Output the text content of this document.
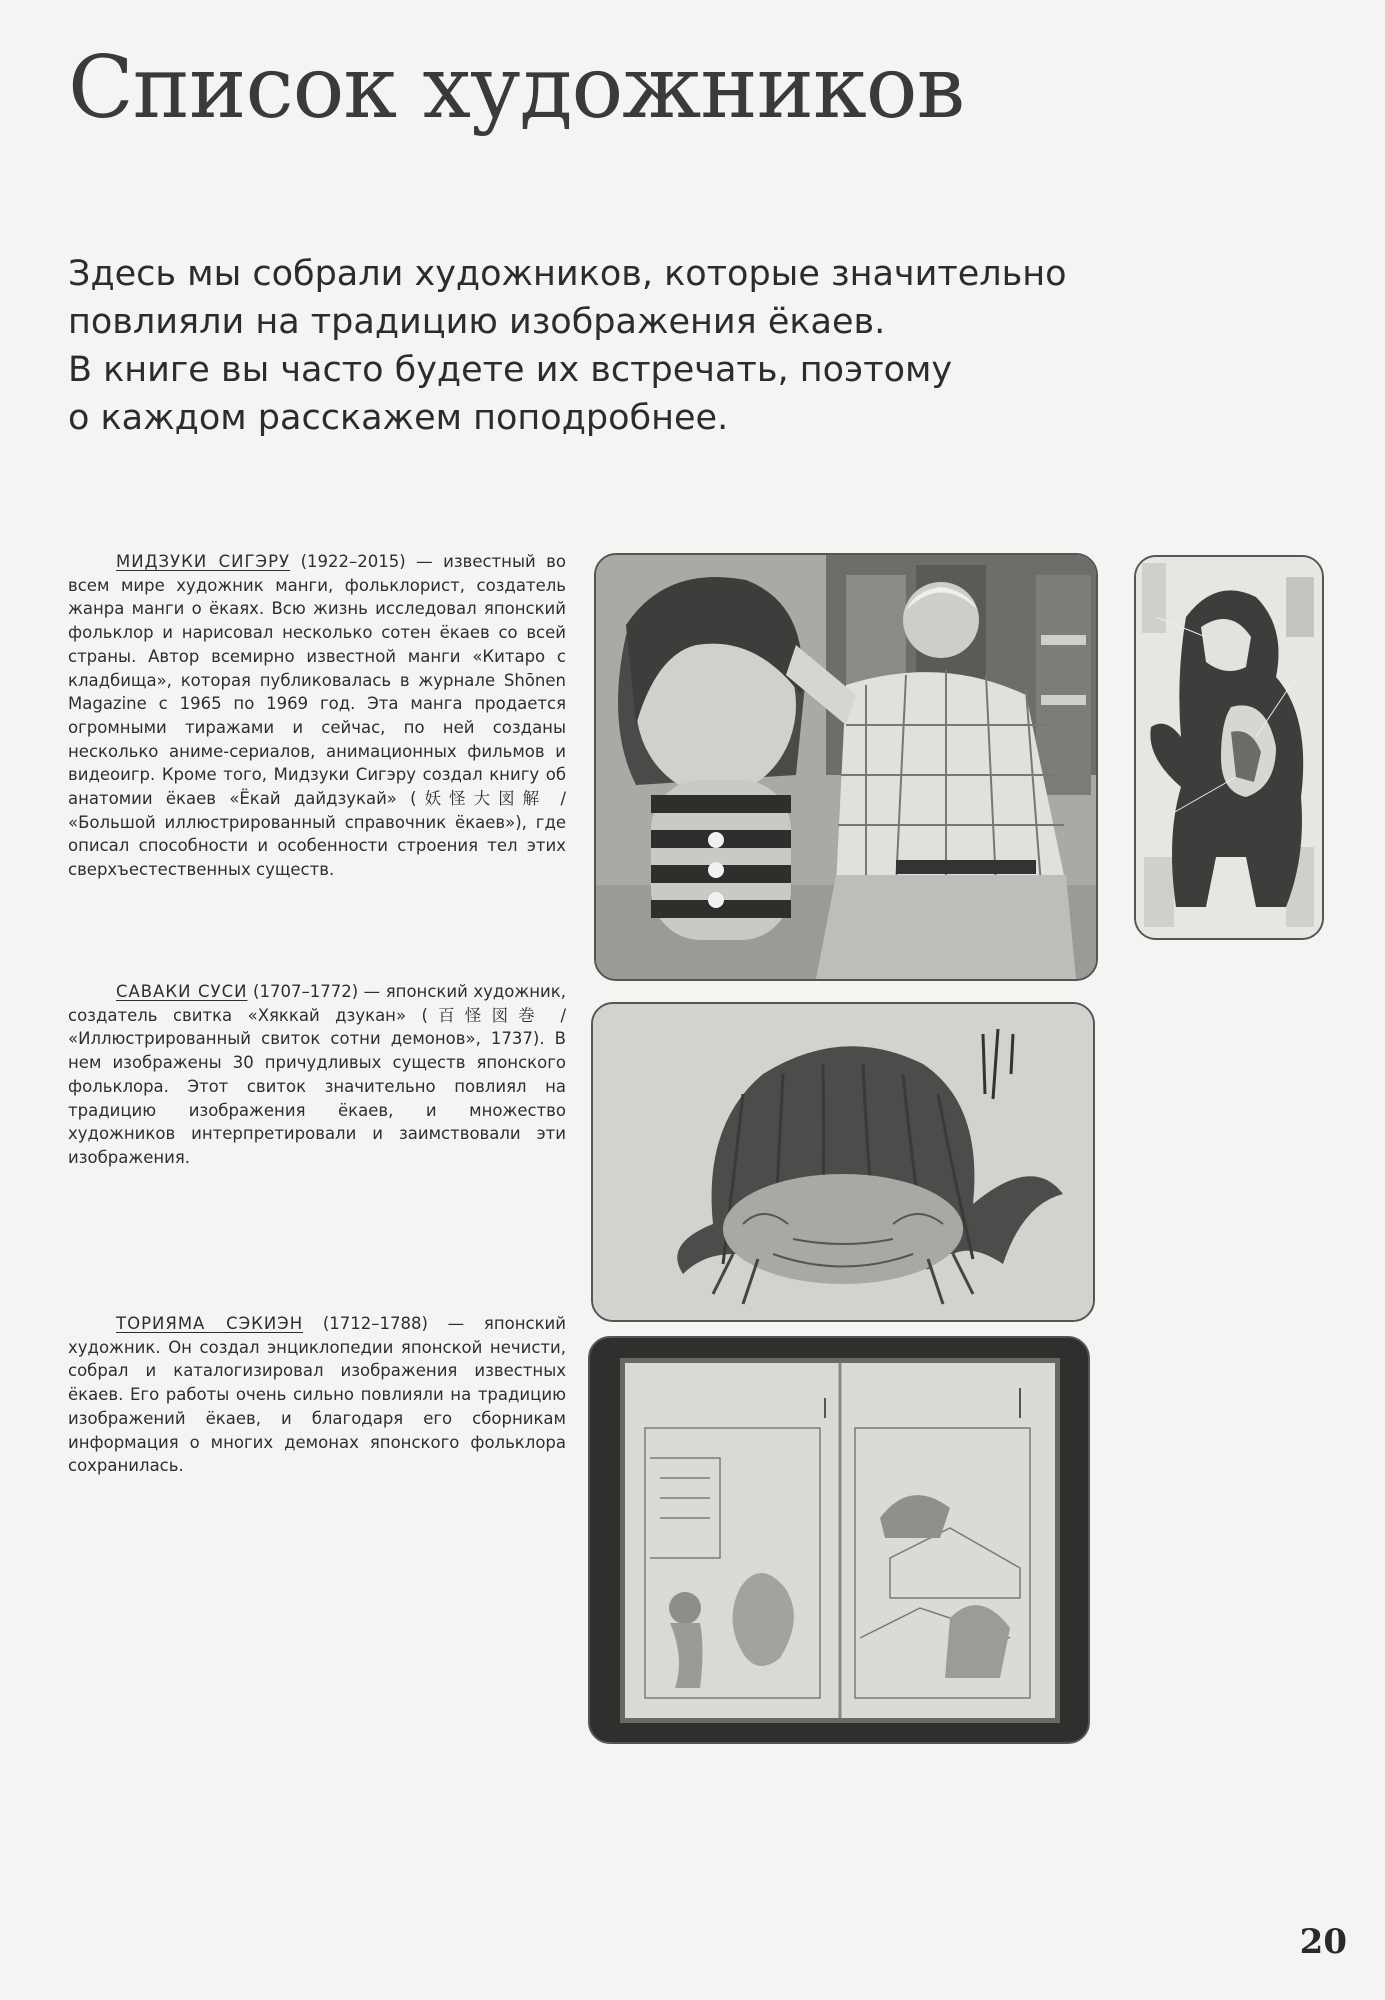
Список художников

Здесь мы собрали художников, которые значительно
повлияли на традицию изображения ёкаев.
В книге вы часто будете их встречать, поэтому
о каждом расскажем поподробнее.

МИДЗУКИ СИГЭРУ (1922–2015) — известный во всем мире художник манги, фольклорист, создатель жанра манги о ёкаях. Всю жизнь исследовал японский фольклор и нарисовал несколько сотен ёкаев со всей страны. Автор всемирно известной манги «Китаро с кладбища», которая публиковалась в журнале Shōnen Magazine с 1965 по 1969 год. Эта манга продается огромными тиражами и сейчас, по ней созданы несколько аниме-сериалов, анимационных фильмов и видеоигр. Кроме того, Мидзуки Сигэру создал книгу об анатомии ёкаев «Ёкай дайдзукай» (妖怪大図解 / «Большой иллюстрированный справочник ёкаев»), где описал способности и особенности строения тел этих сверхъестественных существ.

САВАКИ СУСИ (1707–1772) — японский художник, создатель свитка «Хяккай дзукан» (百怪図巻 / «Иллюстрированный свиток сотни демонов», 1737). В нем изображены 30 причудливых существ японского фольклора. Этот свиток значительно повлиял на традицию изображения ёкаев, и множество художников интерпретировали и заимствовали эти изображения.

ТОРИЯМА СЭКИЭН (1712–1788) — японский художник. Он создал энциклопедии японской нечисти, собрал и каталогизировал изображения известных ёкаев. Его работы очень сильно повлияли на традицию изображений ёкаев, и благодаря его сборникам информация о многих демонах японского фольклора сохранилась.

20
